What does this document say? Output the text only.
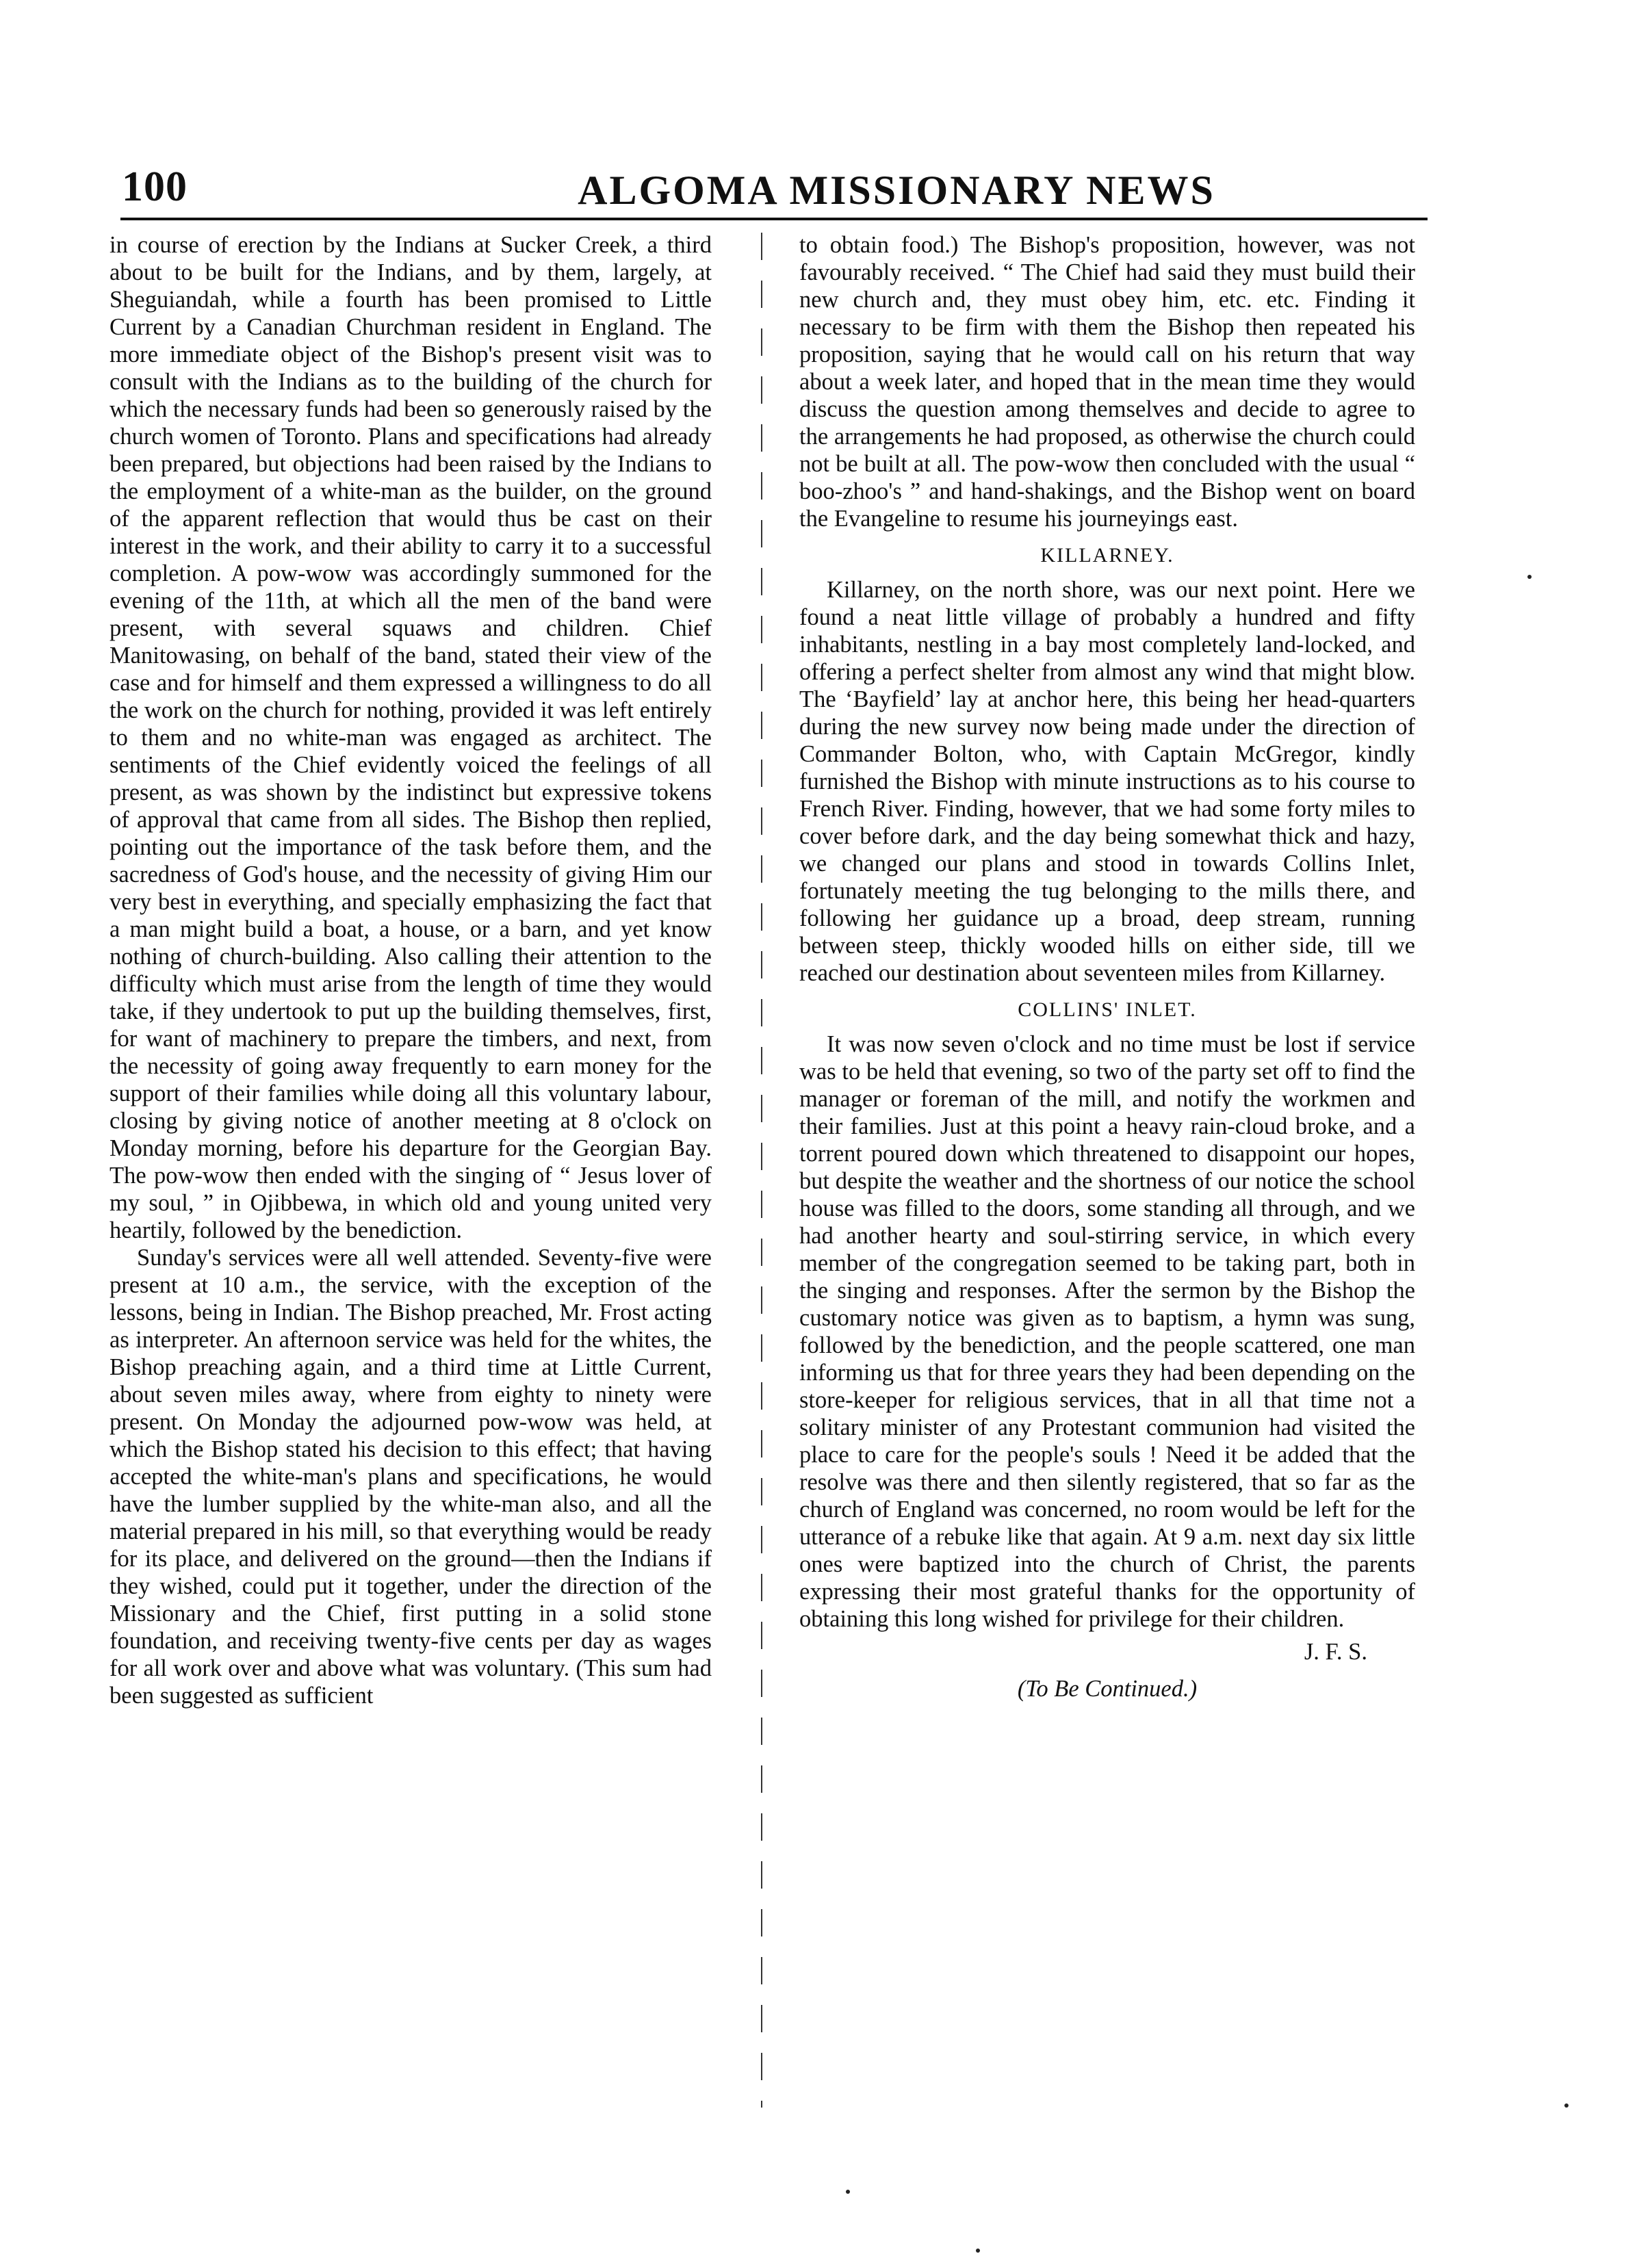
100	ALGOMA MISSIONARY NEWS

in course of erection by the Indians at Sucker Creek, a third about to be built for the Indians, and by them, largely, at Sheguiandah, while a fourth has been promised to Little Current by a Canadian Churchman resident in England. The more immediate object of the Bishop's present visit was to consult with the Indians as to the building of the church for which the necessary funds had been so generously raised by the church women of Toronto. Plans and specifications had already been prepared, but objections had been raised by the Indians to the employment of a white-man as the builder, on the ground of the apparent reflection that would thus be cast on their interest in the work, and their ability to carry it to a successful completion. A pow-wow was accordingly summoned for the evening of the 11th, at which all the men of the band were present, with several squaws and children. Chief Manitowasing, on behalf of the band, stated their view of the case and for himself and them expressed a willingness to do all the work on the church for nothing, provided it was left entirely to them and no white-man was engaged as architect. The sentiments of the Chief evidently voiced the feelings of all present, as was shown by the indistinct but expressive tokens of approval that came from all sides. The Bishop then replied, pointing out the importance of the task before them, and the sacredness of God's house, and the necessity of giving Him our very best in everything, and specially emphasizing the fact that a man might build a boat, a house, or a barn, and yet know nothing of church-building. Also calling their attention to the difficulty which must arise from the length of time they would take, if they undertook to put up the building themselves, first, for want of machinery to prepare the timbers, and next, from the necessity of going away frequently to earn money for the support of their families while doing all this voluntary labour, closing by giving notice of another meeting at 8 o'clock on Monday morning, before his departure for the Georgian Bay. The pow-wow then ended with the singing of “ Jesus lover of my soul, ” in Ojibbewa, in which old and young united very heartily, followed by the benediction.

Sunday's services were all well attended. Seventy-five were present at 10 a.m., the service, with the exception of the lessons, being in Indian. The Bishop preached, Mr. Frost acting as interpreter. An afternoon service was held for the whites, the Bishop preaching again, and a third time at Little Current, about seven miles away, where from eighty to ninety were present. On Monday the adjourned pow-wow was held, at which the Bishop stated his decision to this effect; that having accepted the white-man's plans and specifications, he would have the lumber supplied by the white-man also, and all the material prepared in his mill, so that everything would be ready for its place, and delivered on the ground—then the Indians if they wished, could put it together, under the direction of the Missionary and the Chief, first putting in a solid stone foundation, and receiving twenty-five cents per day as wages for all work over and above what was voluntary. (This sum had been suggested as sufficient

to obtain food.) The Bishop's proposition, however, was not favourably received. “ The Chief had said they must build their new church and, they must obey him, etc. etc. Finding it necessary to be firm with them the Bishop then repeated his proposition, saying that he would call on his return that way about a week later, and hoped that in the mean time they would discuss the question among themselves and decide to agree to the arrangements he had proposed, as otherwise the church could not be built at all. The pow-wow then concluded with the usual “ boo-zhoo's ” and hand-shakings, and the Bishop went on board the Evangeline to resume his journeyings east.

KILLARNEY.

Killarney, on the north shore, was our next point. Here we found a neat little village of probably a hundred and fifty inhabitants, nestling in a bay most completely land-locked, and offering a perfect shelter from almost any wind that might blow. The ‘Bayfield’ lay at anchor here, this being her head-quarters during the new survey now being made under the direction of Commander Bolton, who, with Captain McGregor, kindly furnished the Bishop with minute instructions as to his course to French River. Finding, however, that we had some forty miles to cover before dark, and the day being somewhat thick and hazy, we changed our plans and stood in towards Collins Inlet, fortunately meeting the tug belonging to the mills there, and following her guidance up a broad, deep stream, running between steep, thickly wooded hills on either side, till we reached our destination about seventeen miles from Killarney.

COLLINS' INLET.

It was now seven o'clock and no time must be lost if service was to be held that evening, so two of the party set off to find the manager or foreman of the mill, and notify the workmen and their families. Just at this point a heavy rain-cloud broke, and a torrent poured down which threatened to disappoint our hopes, but despite the weather and the shortness of our notice the school house was filled to the doors, some standing all through, and we had another hearty and soul-stirring service, in which every member of the congregation seemed to be taking part, both in the singing and responses. After the sermon by the Bishop the customary notice was given as to baptism, a hymn was sung, followed by the benediction, and the people scattered, one man informing us that for three years they had been depending on the store-keeper for religious services, that in all that time not a solitary minister of any Protestant communion had visited the place to care for the people's souls ! Need it be added that the resolve was there and then silently registered, that so far as the church of England was concerned, no room would be left for the utterance of a rebuke like that again. At 9 a.m. next day six little ones were baptized into the church of Christ, the parents expressing their most grateful thanks for the opportunity of obtaining this long wished for privilege for their children.

J. F. S.
(To Be Continued.)
